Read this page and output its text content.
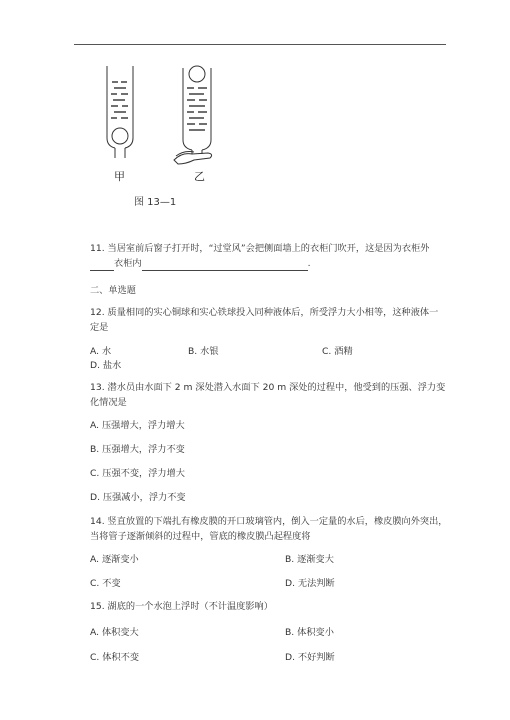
甲	乙
图 13—1
11. 当居室前后窗子打开时，“过堂风”会把侧面墙上的衣柜门吹开，这是因为衣柜外
衣柜内	.
二、单选题
12. 质量相同的实心铜球和实心铁球投入同种液体后，所受浮力大小相等，这种液体一
定是
A. 水	B. 水银	C. 酒精
D. 盐水
13. 潜水员由水面下 2 m 深处潜入水面下 20 m 深处的过程中，他受到的压强、浮力变
化情况是
A. 压强增大，浮力增大
B. 压强增大，浮力不变
C. 压强不变，浮力增大
D. 压强减小，浮力不变
14. 竖直放置的下端扎有橡皮膜的开口玻璃管内，倒入一定量的水后，橡皮膜向外突出，
当将管子逐渐倾斜的过程中，管底的橡皮膜凸起程度将
A. 逐渐变小	B. 逐渐变大
C. 不变	D. 无法判断
15. 湖底的一个水泡上浮时（不计温度影响）
A. 体积变大	B. 体积变小
C. 体积不变	D. 不好判断
